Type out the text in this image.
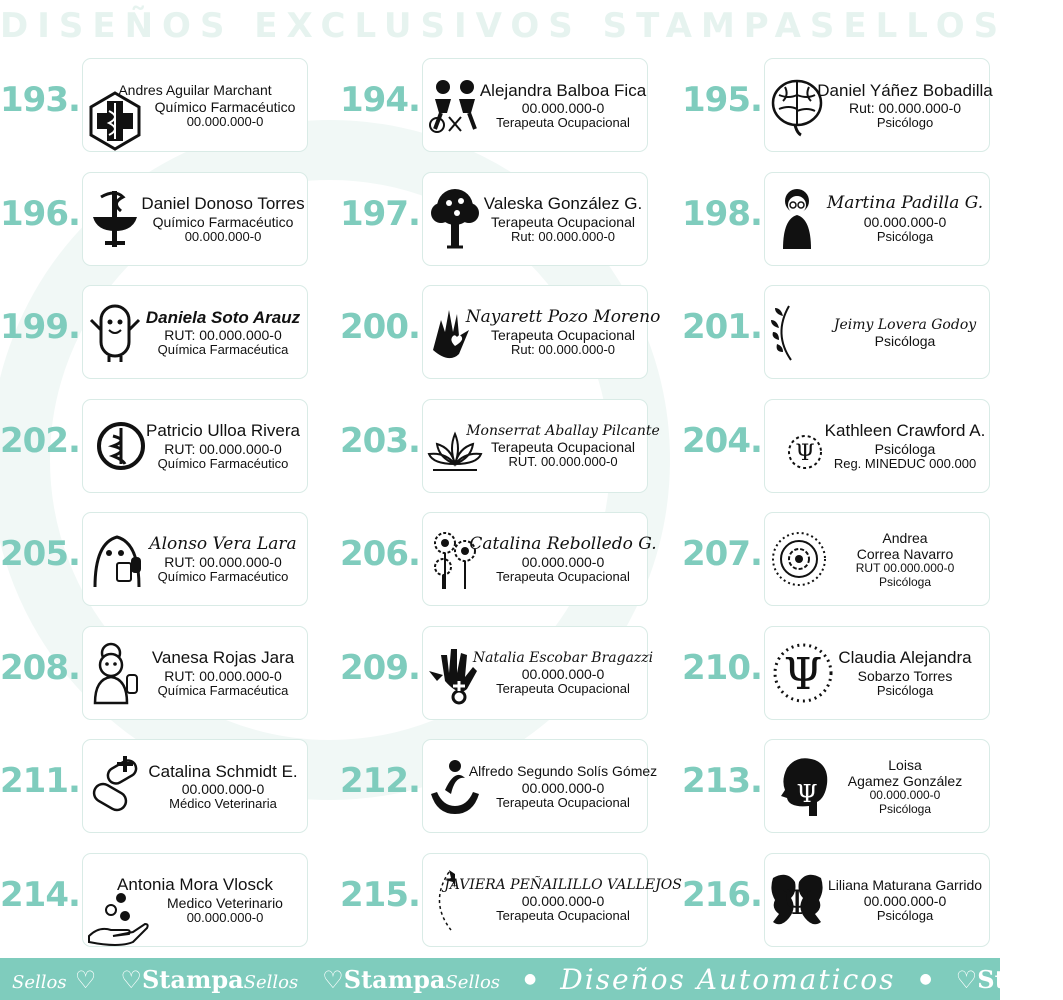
DISEÑOS EXCLUSIVOS STAMPASELLOS
193.	Andres Aguilar Marchant
Químico Farmacéutico
00.000.000-0
194.	Alejandra Balboa Fica
00.000.000-0
Terapeuta Ocupacional
195.	Daniel Yáñez Bobadilla
Rut: 00.000.000-0
Psicólogo
196.	Daniel Donoso Torres
Químico Farmacéutico
00.000.000-0
197.	Valeska González G.
Terapeuta Ocupacional
Rut: 00.000.000-0
198.	Martina Padilla G.
00.000.000-0
Psicóloga
199.	Daniela Soto Arauz
RUT: 00.000.000-0
Química Farmacéutica
200.	Nayarett Pozo Moreno
Terapeuta Ocupacional
Rut: 00.000.000-0
201.	Jeimy Lovera Godoy
Psicóloga
202.	Patricio Ulloa Rivera
RUT: 00.000.000-0
Químico Farmacéutico
203.	Monserrat Aballay Pilcante
Terapeuta Ocupacional
RUT. 00.000.000-0
204. Ψ
Kathleen Crawford A.
Psicóloga
Reg. MINEDUC 000.000
205.	Alonso Vera Lara
RUT: 00.000.000-0
Químico Farmacéutico
206.	Catalina Rebolledo G.
00.000.000-0
Terapeuta Ocupacional
207.	Andrea
Correa Navarro
RUT 00.000.000-0
Psicóloga
208.	Vanesa Rojas Jara
RUT: 00.000.000-0
Química Farmacéutica
209.	Natalia Escobar Bragazzi
00.000.000-0
Terapeuta Ocupacional
210. Ψ Claudia Alejandra
Sobarzo Torres
Psicóloga
211.	Catalina Schmidt E.
00.000.000-0
Médico Veterinaria
212.	Alfredo Segundo Solís Gómez
00.000.000-0
Terapeuta Ocupacional
213. Ψ
Loisa
Agamez González
00.000.000-0
Psicóloga
214. Antonia Mora Vlosck
Medico Veterinario
00.000.000-0
215. JAVIERA PEÑAILILLO VALLEJOS
00.000.000-0
Terapeuta Ocupacional
216. Ψ Liliana Maturana Garrido
00.000.000-0
Psicóloga
Sellos ♡ ♡StampaSellos ♡StampaSellos ● Diseños Automaticos ● ♡Stamp
